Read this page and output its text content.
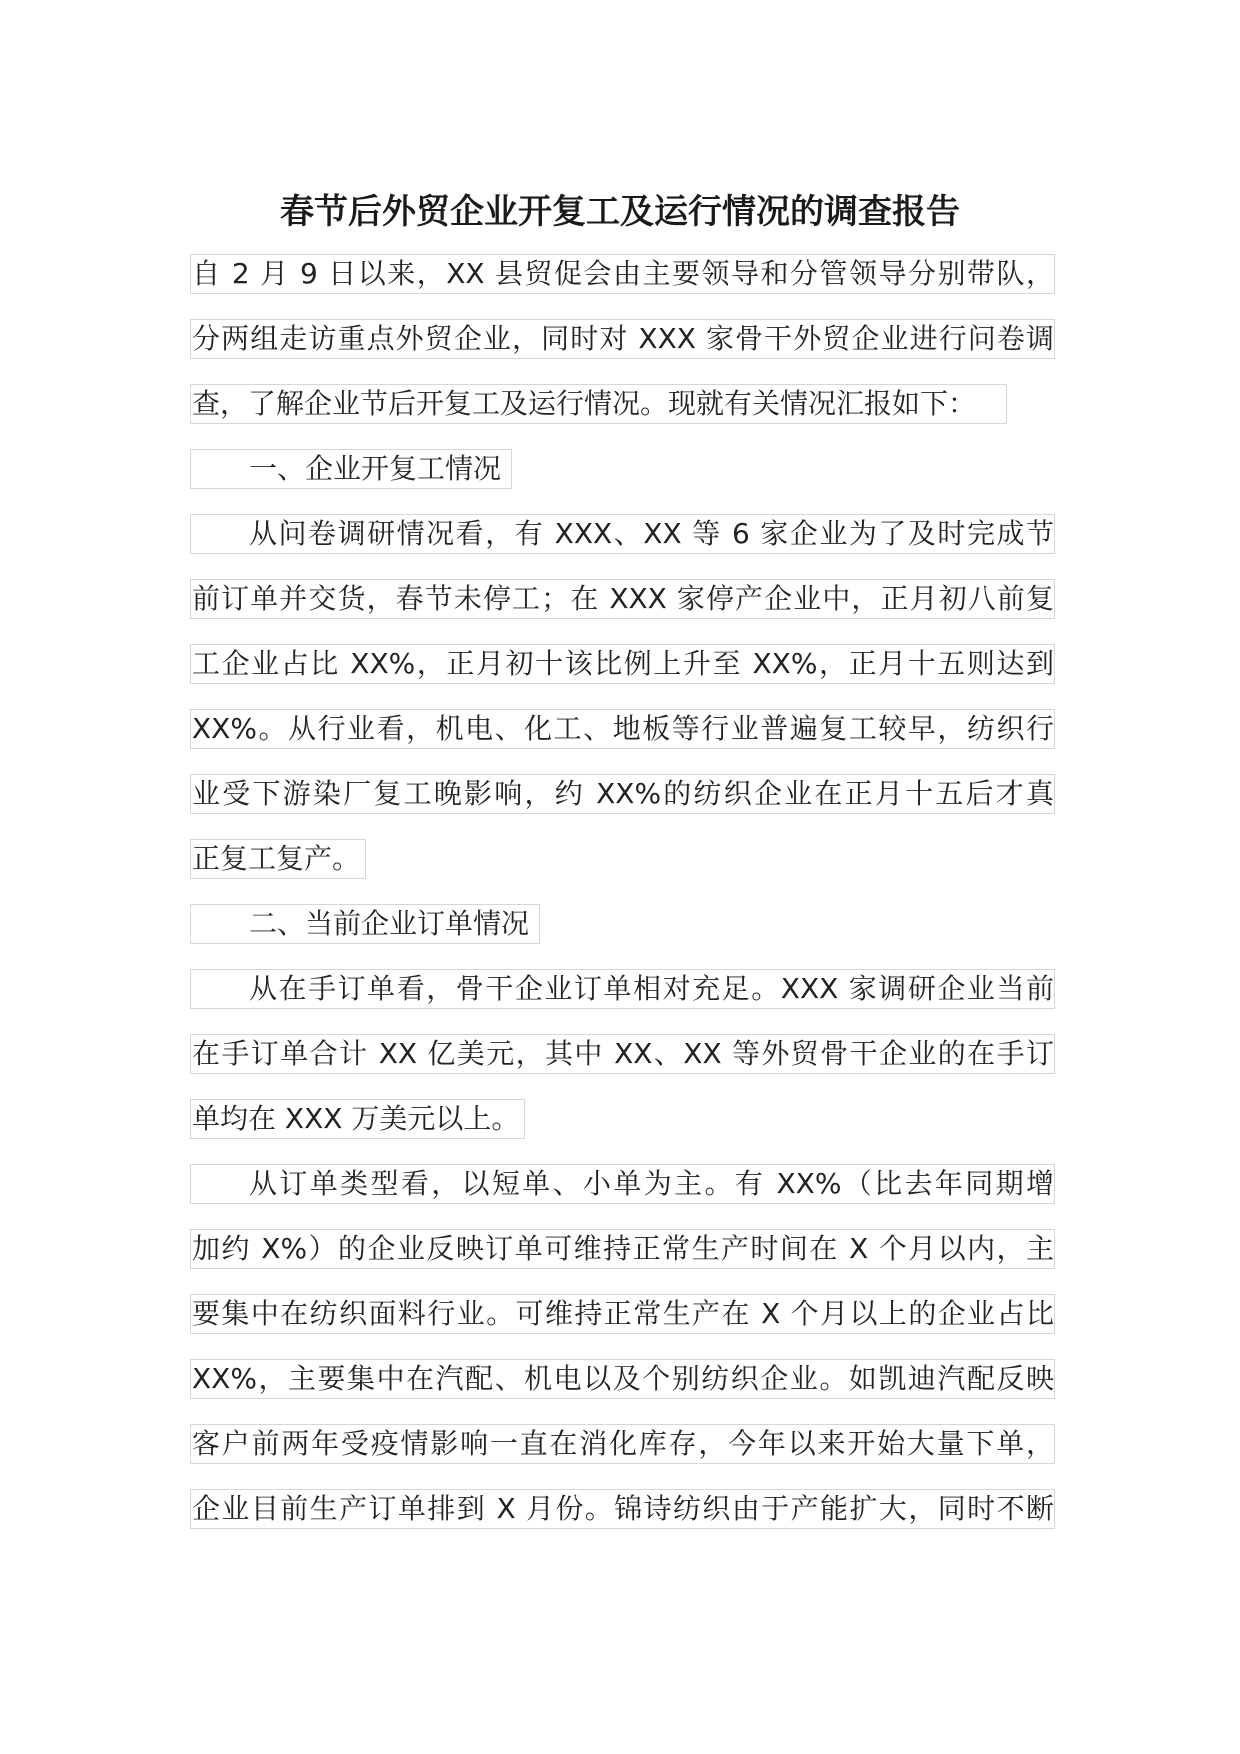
春节后外贸企业开复工及运行情况的调查报告
自 2 月 9 日以来，XX 县贸促会由主要领导和分管领导分别带队，
分两组走访重点外贸企业，同时对 XXX 家骨干外贸企业进行问卷调
查，了解企业节后开复工及运行情况。现就有关情况汇报如下：
一、企业开复工情况
从问卷调研情况看，有 XXX、XX 等 6 家企业为了及时完成节
前订单并交货，春节未停工；在 XXX 家停产企业中，正月初八前复
工企业占比 XX%，正月初十该比例上升至 XX%，正月十五则达到
XX%。从行业看，机电、化工、地板等行业普遍复工较早，纺织行
业受下游染厂复工晚影响，约 XX%的纺织企业在正月十五后才真
正复工复产。
二、当前企业订单情况
从在手订单看，骨干企业订单相对充足。XXX 家调研企业当前
在手订单合计 XX 亿美元，其中 XX、XX 等外贸骨干企业的在手订
单均在 XXX 万美元以上。
从订单类型看，以短单、小单为主。有 XX%（比去年同期增
加约 X%）的企业反映订单可维持正常生产时间在 X 个月以内，主
要集中在纺织面料行业。可维持正常生产在 X 个月以上的企业占比
XX%，主要集中在汽配、机电以及个别纺织企业。如凯迪汽配反映
客户前两年受疫情影响一直在消化库存，今年以来开始大量下单，
企业目前生产订单排到 X 月份。锦诗纺织由于产能扩大，同时不断
